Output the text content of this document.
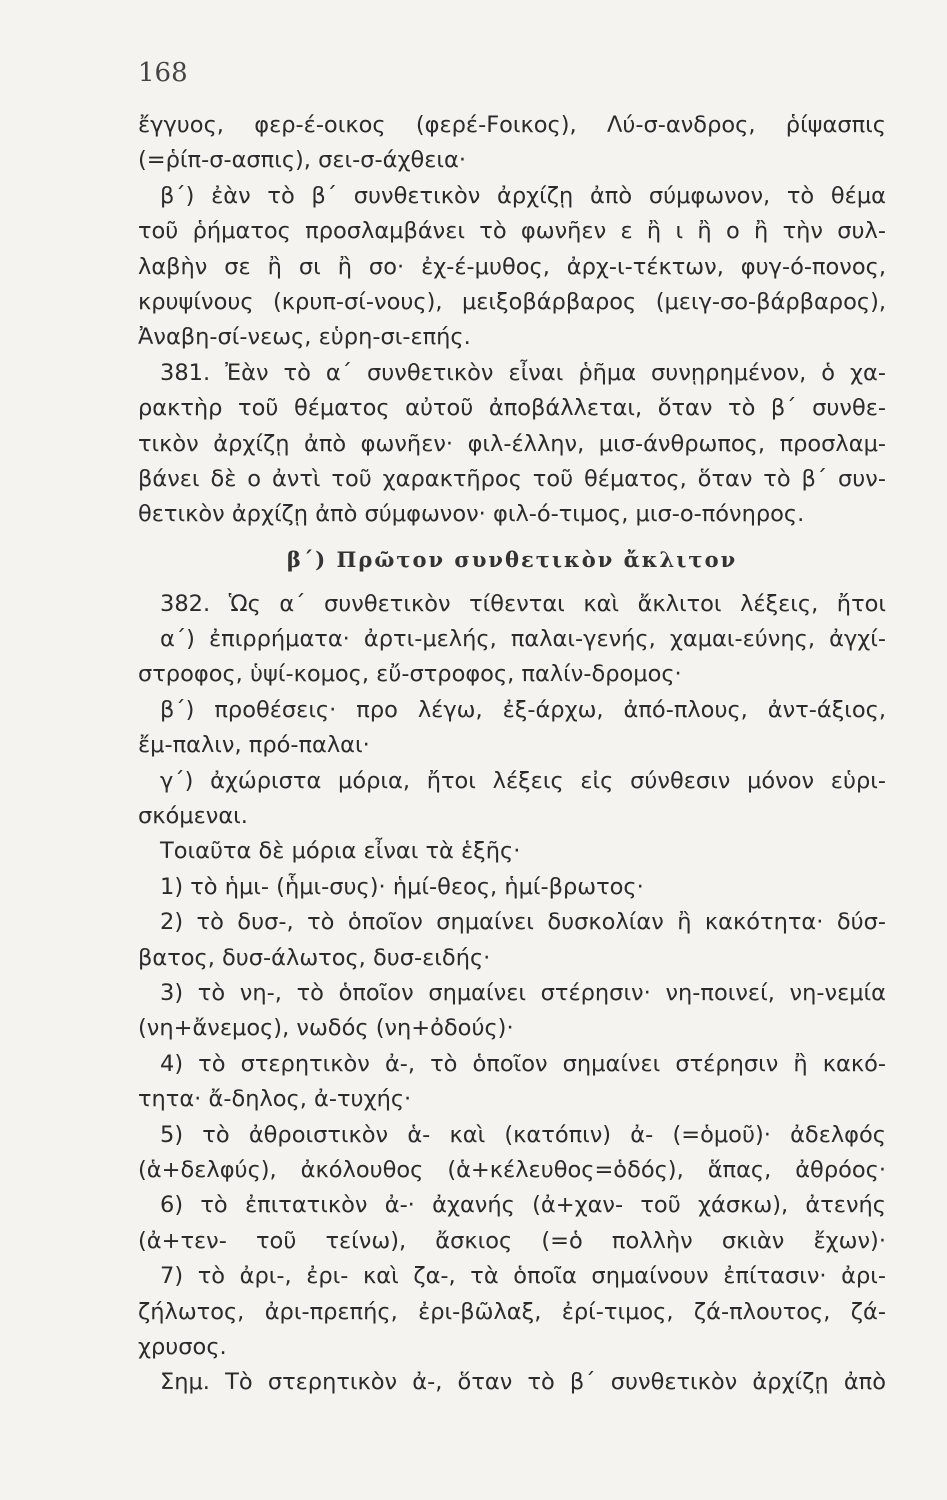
168
ἔγγυος, φερ-έ-οικος (φερέ-Fοικος), Λύ-σ-ανδρος, ῥίψασπις
(=ῥίπ-σ-ασπις), σει-σ-άχθεια·
β΄) ἐὰν τὸ β΄ συνθετικὸν ἀρχίζῃ ἀπὸ σύμφωνον, τὸ θέμα
τοῦ ῥήματος προσλαμβάνει τὸ φωνῆεν ε ἢ ι ἢ ο ἢ τὴν συλ-
λαβὴν σε ἢ σι ἢ σο· ἐχ-έ-μυθος, ἀρχ-ι-τέκτων, φυγ-ό-πονος,
κρυψίνους (κρυπ-σί-νους), μειξοβάρβαρος (μειγ-σο-βάρβαρος),
Ἀναβη-σί-νεως, εὑρη-σι-επής.
381. Ἐὰν τὸ α΄ συνθετικὸν εἶναι ῥῆμα συνῃρημένον, ὁ χα-
ρακτὴρ τοῦ θέματος αὐτοῦ ἀποβάλλεται, ὅταν τὸ β΄ συνθε-
τικὸν ἀρχίζῃ ἀπὸ φωνῆεν· φιλ-έλλην, μισ-άνθρωπος, προσλαμ-
βάνει δὲ ο ἀντὶ τοῦ χαρακτῆρος τοῦ θέματος, ὅταν τὸ β΄ συν-
θετικὸν ἀρχίζῃ ἀπὸ σύμφωνον· φιλ-ό-τιμος, μισ-ο-πόνηρος.
β΄) Πρῶτον συνθετικὸν ἄκλιτον
382. Ὡς α΄ συνθετικὸν τίθενται καὶ ἄκλιτοι λέξεις, ἤτοι
α΄) ἐπιρρήματα· ἀρτι-μελής, παλαι-γενής, χαμαι-εύνης, ἀγχί-
στροφος, ὑψί-κομος, εὔ-στροφος, παλίν-δρομος·
β΄) προθέσεις· προ λέγω, ἐξ-άρχω, ἀπό-πλους, ἀντ-άξιος,
ἔμ-παλιν, πρό-παλαι·
γ΄) ἀχώριστα μόρια, ἤτοι λέξεις εἰς σύνθεσιν μόνον εὑρι-
σκόμεναι.
Τοιαῦτα δὲ μόρια εἶναι τὰ ἑξῆς·
1) τὸ ἡμι- (ἧμι-συς)· ἡμί-θεος, ἡμί-βρωτος·
2) τὸ δυσ-, τὸ ὁποῖον σημαίνει δυσκολίαν ἢ κακότητα· δύσ-
βατος, δυσ-άλωτος, δυσ-ειδής·
3) τὸ νη-, τὸ ὁποῖον σημαίνει στέρησιν· νη-ποινεί, νη-νεμία
(νη+ἄνεμος), νωδός (νη+ὀδούς)·
4) τὸ στερητικὸν ἀ-, τὸ ὁποῖον σημαίνει στέρησιν ἢ κακό-
τητα· ἄ-δηλος, ἀ-τυχής·
5) τὸ ἀθροιστικὸν ἁ- καὶ (κατόπιν) ἀ- (=ὁμοῦ)· ἀδελφός
(ἁ+δελφύς), ἀκόλουθος (ἁ+κέλευθος=ὁδός), ἅπας, ἀθρόος·
6) τὸ ἐπιτατικὸν ἀ-· ἀχανής (ἀ+χαν- τοῦ χάσκω), ἀτενής
(ἀ+τεν- τοῦ τείνω), ἄσκιος (=ὁ πολλὴν σκιὰν ἔχων)·
7) τὸ ἀρι-, ἐρι- καὶ ζα-, τὰ ὁποῖα σημαίνουν ἐπίτασιν· ἀρι-
ζήλωτος, ἀρι-πρεπής, ἐρι-βῶλαξ, ἐρί-τιμος, ζά-πλουτος, ζά-
χρυσος.
Σημ. Τὸ στερητικὸν ἀ-, ὅταν τὸ β΄ συνθετικὸν ἀρχίζῃ ἀπὸ
